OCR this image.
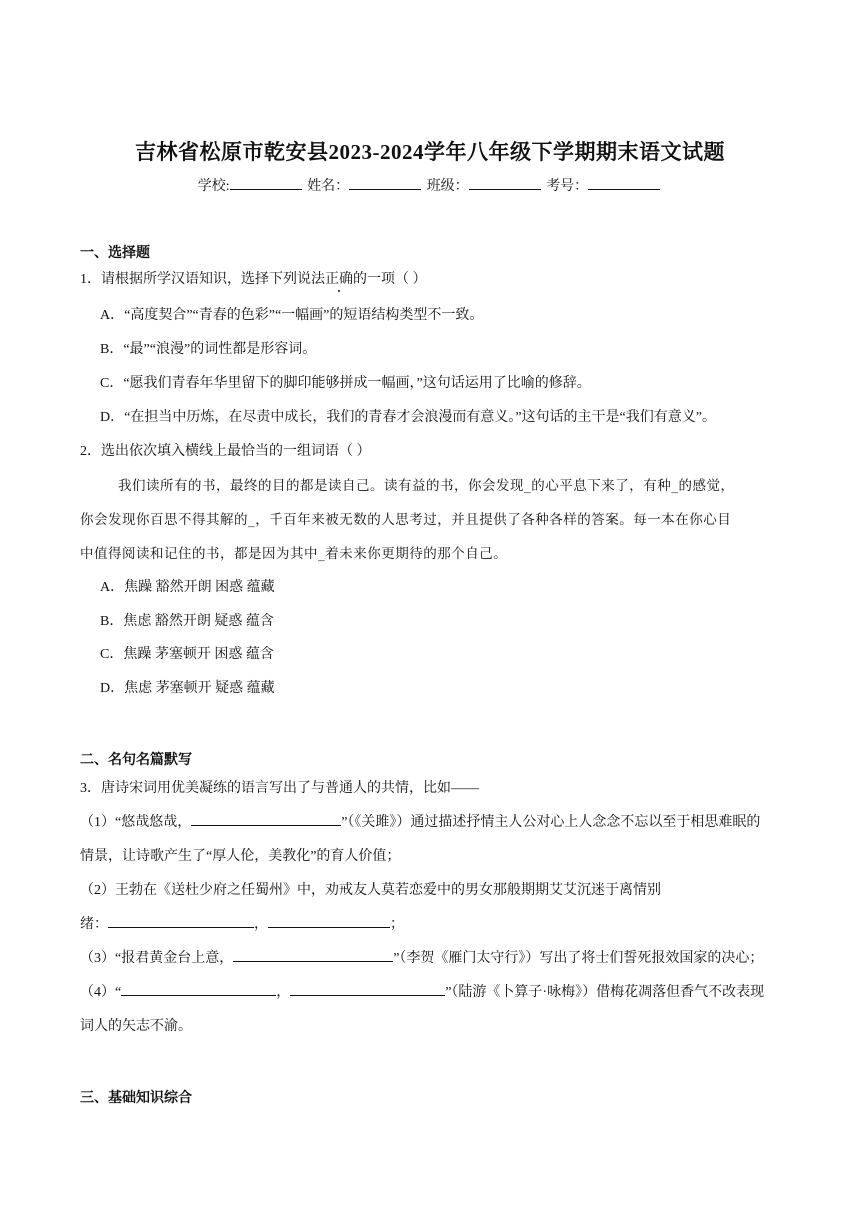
吉林省松原市乾安县2023-2024学年八年级下学期期末语文试题
学校:	姓名：	班级：	考号：
一、选择题
1．请根据所学汉语知识，选择下列说法正确的一项（ ）
A．“高度契合”“青春的色彩”“一幅画”的短语结构类型不一致。
B．“最”“浪漫”的词性都是形容词。
C．“愿我们青春年华里留下的脚印能够拼成一幅画，”这句话运用了比喻的修辞。
D．“在担当中历炼，在尽责中成长，我们的青春才会浪漫而有意义。”这句话的主干是“我们有意义”。
2．选出依次填入横线上最恰当的一组词语（ ）
我们读所有的书，最终的目的都是读自己。读有益的书，你会发现_的心平息下来了，有种_的感觉，
你会发现你百思不得其解的_，千百年来被无数的人思考过，并且提供了各种各样的答案。每一本在你心目
中值得阅读和记住的书，都是因为其中_着未来你更期待的那个自己。
A．焦躁 豁然开朗 困惑 蕴藏
B．焦虑 豁然开朗 疑惑 蕴含
C．焦躁 茅塞顿开 困惑 蕴含
D．焦虑 茅塞顿开 疑惑 蕴藏
二、名句名篇默写
3．唐诗宋词用优美凝练的语言写出了与普通人的共情，比如——
（1）“悠哉悠哉，	”（《关雎》）通过描述抒情主人公对心上人念念不忘以至于相思难眠的
情景，让诗歌产生了“厚人伦，美教化”的育人价值；
（2）王勃在《送杜少府之任蜀州》中，劝戒友人莫若恋爱中的男女那般期期艾艾沉迷于离情别
绪：	，	；
（3）“报君黄金台上意，	”（李贺《雁门太守行》）写出了将士们誓死报效国家的决心；
（4）“	，	”（陆游《卜算子·咏梅》）借梅花凋落但香气不改表现
词人的矢志不渝。
三、基础知识综合
